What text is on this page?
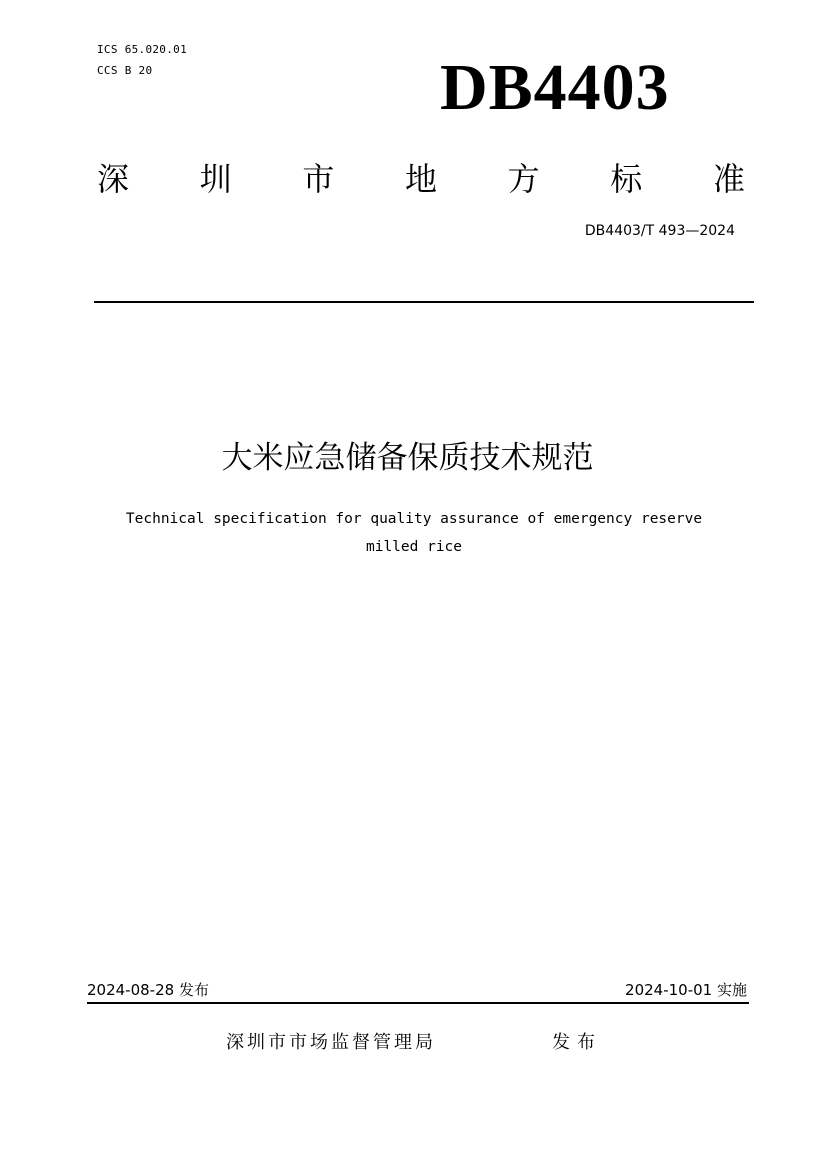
ICS 65.020.01
CCS B 20	DB4403
深 圳 市 地 方 标 准
DB4403/T 493—2024
大米应急储备保质技术规范
Technical specification for quality assurance of emergency reserve
milled rice
2024-08-28 发布	2024-10-01 实施
深圳市市场监督管理局	发布
